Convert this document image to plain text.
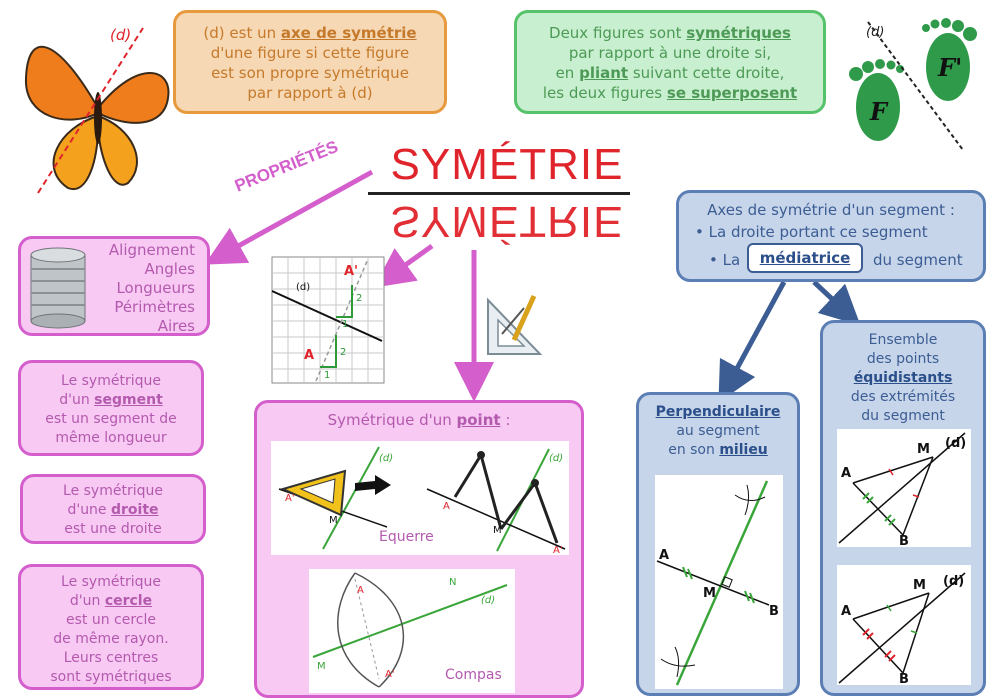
(d)	(d) est un axe de symétrie
d'une figure si cette figure
est son propre symétrique
par rapport à (d)
Deux figures sont symétriques
par rapport à une droite si,
en pliant suivant cette droite,
les deux figures se superposent
(d)
F
F'
SYMÉTRIE
SYMÉTRIE
PROPRIÉTÉS
Alignement
Angles
Longueurs
Périmètres
Aires
Le symétrique
d'un segment
est un segment de
même longueur
Le symétrique
d'une droite
est une droite
Le symétrique
d'un cercle
est un cercle
de même rayon.
Leurs centres
sont symétriques
A
A'
(d)
1
2
1
2
Symétrique d'un point :
(d)
A'
M
(d)
A
M
A'
Equerre
M
N
(d)
A
A'	Compas
Axes de symétrie d'un segment :
• La droite portant ce segment
• La	médiatrice	du segment
Perpendiculaire
au segment
en son milieu
A
B
M
Ensemble
des points
équidistants
des extrémités
du segment
A
B
M (d)
A
B
M (d)
